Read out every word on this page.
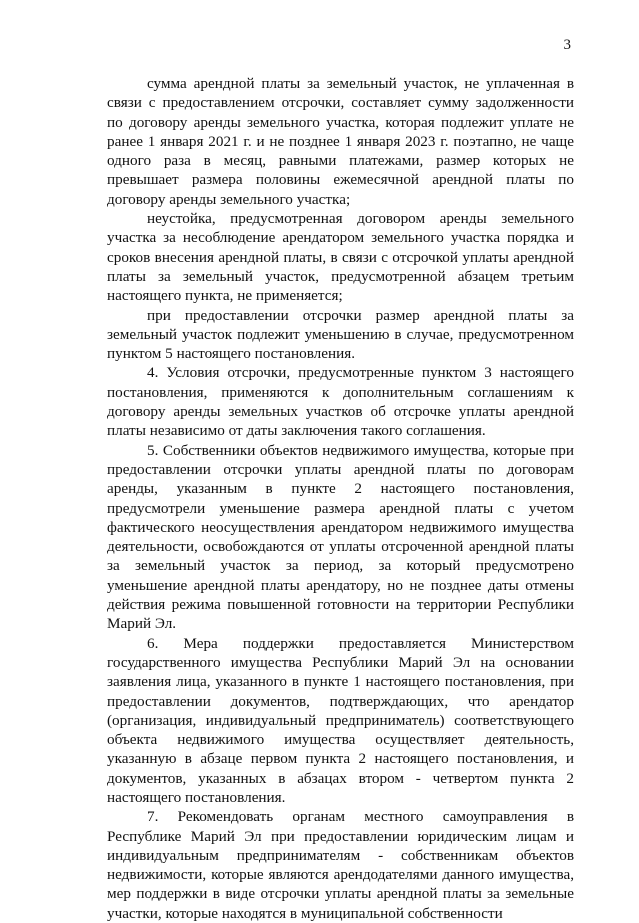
3

сумма арендной платы за земельный участок, не уплаченная в связи с предоставлением отсрочки, составляет сумму задолженности по договору аренды земельного участка, которая подлежит уплате не ранее 1 января 2021 г. и не позднее 1 января 2023 г. поэтапно, не чаще одного раза в месяц, равными платежами, размер которых не превышает размера половины ежемесячной арендной платы по договору аренды земельного участка;

неустойка, предусмотренная договором аренды земельного участка за несоблюдение арендатором земельного участка порядка и сроков внесения арендной платы, в связи с отсрочкой уплаты арендной платы за земельный участок, предусмотренной абзацем третьим настоящего пункта, не применяется;

при предоставлении отсрочки размер арендной платы за земельный участок подлежит уменьшению в случае, предусмотренном пунктом 5 настоящего постановления.

4. Условия отсрочки, предусмотренные пунктом 3 настоящего постановления, применяются к дополнительным соглашениям к договору аренды земельных участков об отсрочке уплаты арендной платы независимо от даты заключения такого соглашения.

5. Собственники объектов недвижимого имущества, которые при предоставлении отсрочки уплаты арендной платы по договорам аренды, указанным в пункте 2 настоящего постановления, предусмотрели уменьшение размера арендной платы с учетом фактического неосуществления арендатором недвижимого имущества деятельности, освобождаются от уплаты отсроченной арендной платы за земельный участок за период, за который предусмотрено уменьшение арендной платы арендатору, но не позднее даты отмены действия режима повышенной готовности на территории Республики Марий Эл.

6. Мера поддержки предоставляется Министерством государственного имущества Республики Марий Эл на основании заявления лица, указанного в пункте 1 настоящего постановления, при предоставлении документов, подтверждающих, что арендатор (организация, индивидуальный предприниматель) соответствующего объекта недвижимого имущества осуществляет деятельность, указанную в абзаце первом пункта 2 настоящего постановления, и документов, указанных в абзацах втором - четвертом пункта 2 настоящего постановления.

7. Рекомендовать органам местного самоуправления в Республике Марий Эл при предоставлении юридическим лицам и индивидуальным предпринимателям - собственникам объектов недвижимости, которые являются арендодателями данного имущества, мер поддержки в виде отсрочки уплаты арендной платы за земельные участки, которые находятся в муниципальной собственности
